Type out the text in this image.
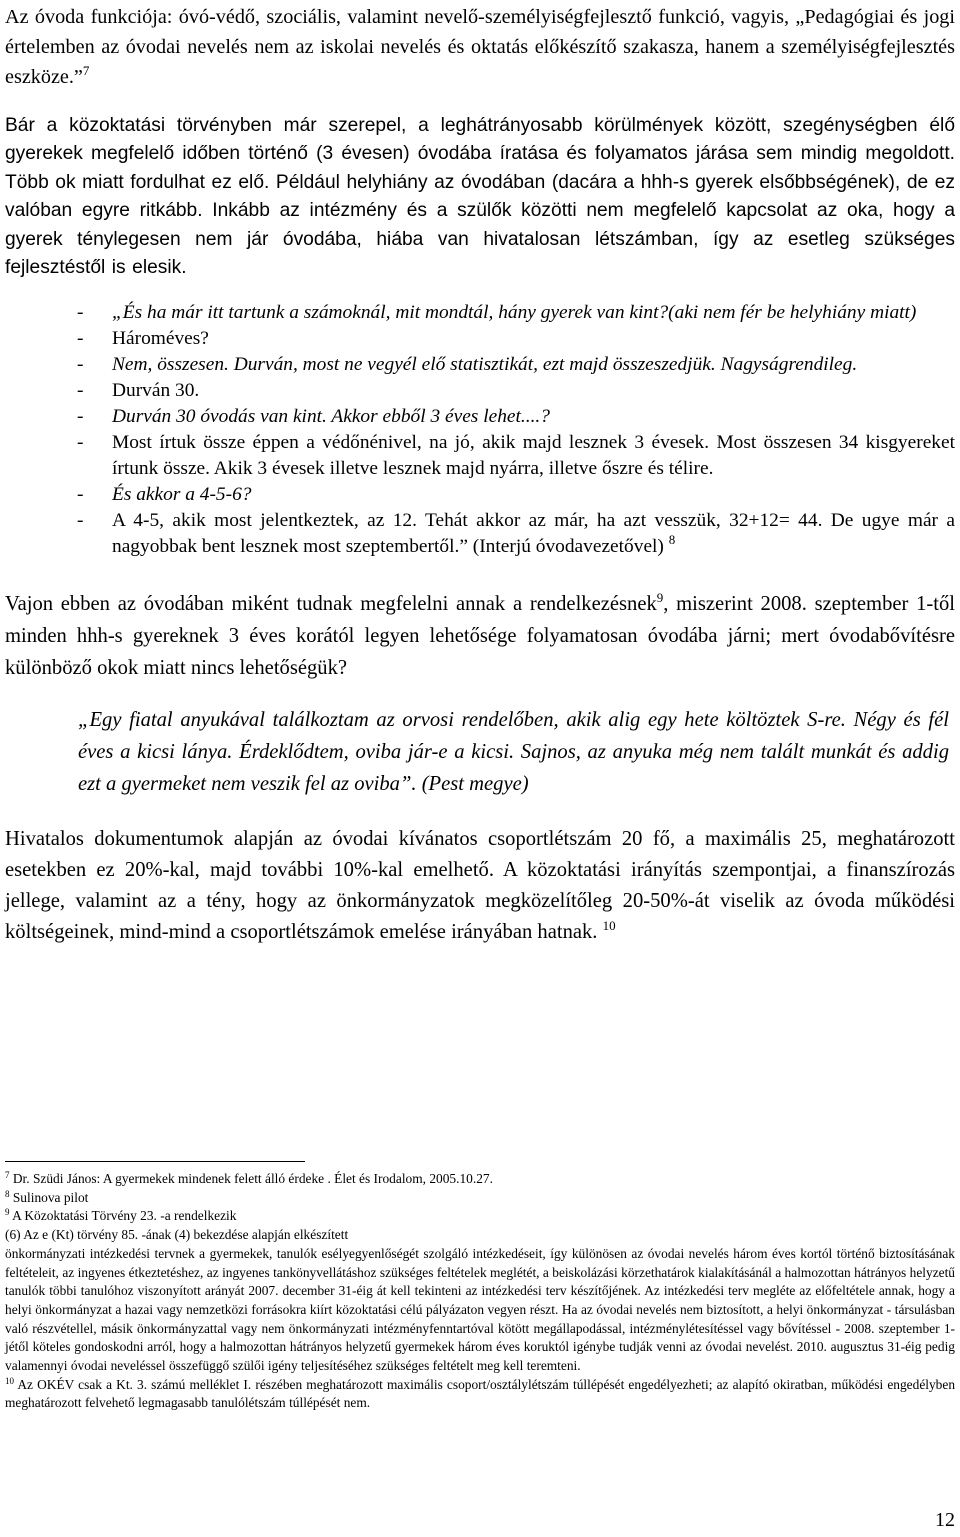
Az óvoda funkciója: óvó-védő, szociális, valamint nevelő-személyiségfejlesztő funkció, vagyis, „Pedagógiai és jogi értelemben az óvodai nevelés nem az iskolai nevelés és oktatás előkészítő szakasza, hanem a személyiségfejlesztés eszköze.”$^7$

Bár a közoktatási törvényben már szerepel, a leghátrányosabb körülmények között, szegénységben élő gyerekek megfelelő időben történő (3 évesen) óvodába íratása és folyamatos járása sem mindig megoldott. Több ok miatt fordulhat ez elő. Például helyhiány az óvodában (dacára a hhh-s gyerek elsőbbségének), de ez valóban egyre ritkább. Inkább az intézmény és a szülők közötti nem megfelelő kapcsolat az oka, hogy a gyerek ténylegesen nem jár óvodába, hiába van hivatalosan létszámban, így az esetleg szükséges fejlesztéstől is elesik.

- „És ha már itt tartunk a számoknál, mit mondtál, hány gyerek van kint?(aki nem fér be helyhiány miatt)
- Hároméves?
- Nem, összesen. Durván, most ne vegyél elő statisztikát, ezt majd összeszedjük. Nagyságrendileg.
- Durván 30.
- Durván 30 óvodás van kint. Akkor ebből 3 éves lehet....?
- Most írtuk össze éppen a védőnénivel, na jó, akik majd lesznek 3 évesek. Most összesen 34 kisgyereket írtunk össze. Akik 3 évesek illetve lesznek majd nyárra, illetve őszre és télire.
- És akkor a 4-5-6?
- A 4-5, akik most jelentkeztek, az 12. Tehát akkor az már, ha azt vesszük, 32+12= 44. De ugye már a nagyobbak bent lesznek most szeptembertől.” (Interjú óvodavezetővel) $^8$

Vajon ebben az óvodában miként tudnak megfelelni annak a rendelkezésnek$^9$, miszerint 2008. szeptember 1-től minden hhh-s gyereknek 3 éves korától legyen lehetősége folyamatosan óvodába járni; mert óvodabővítésre különböző okok miatt nincs lehetőségük?

„Egy fiatal anyukával találkoztam az orvosi rendelőben, akik alig egy hete költöztek S-re. Négy és fél éves a kicsi lánya. Érdeklődtem, oviba jár-e a kicsi. Sajnos, az anyuka még nem talált munkát és addig ezt a gyermeket nem veszik fel az oviba”. (Pest megye)

Hivatalos dokumentumok alapján az óvodai kívánatos csoportlétszám 20 fő, a maximális 25, meghatározott esetekben ez 20%-kal, majd további 10%-kal emelhető. A közoktatási irányítás szempontjai, a finanszírozás jellege, valamint az a tény, hogy az önkormányzatok megközelítőleg 20-50%-át viselik az óvoda működési költségeinek, mind-mind a csoportlétszámok emelése irányában hatnak. $^{10}$

$^7$ Dr. Szüdi János: A gyermekek mindenek felett álló érdeke . Élet és Irodalom, 2005.10.27.

$^8$ Sulinova pilot

$^9$ A Közoktatási Törvény 23. -a rendelkezik

(6) Az e (Kt) törvény 85. -ának (4) bekezdése alapján elkészített

önkormányzati intézkedési tervnek a gyermekek, tanulók esélyegyenlőségét szolgáló intézkedéseit, így különösen az óvodai nevelés három éves kortól történő biztosításának feltételeit, az ingyenes étkeztetéshez, az ingyenes tankönyvellátáshoz szükséges feltételek meglétét, a beiskolázási körzethatárok kialakításánál a halmozottan hátrányos helyzetű tanulók többi tanulóhoz viszonyított arányát 2007. december 31-éig át kell tekinteni az intézkedési terv készítőjének. Az intézkedési terv meglétе az előfeltétele annak, hogy a helyi önkormányzat a hazai vagy nemzetközi forrásokra kiírt közoktatási célú pályázaton vegyen részt. Ha az óvodai nevelés nem biztosított, a helyi önkormányzat - társulásban való részvétellel, másik önkormányzattal vagy nem önkormányzati intézményfenntartóval kötött megállapodással, intézménylétesítéssel vagy bővítéssel - 2008. szeptember 1-jétől köteles gondoskodni arról, hogy a halmozottan hátrányos helyzetű gyermekek három éves koruktól igénybe tudják venni az óvodai nevelést. 2010. augusztus 31-éig pedig valamennyi óvodai neveléssel összefüggő szülői igény teljesítéséhez szükséges feltételt meg kell teremteni.

$^{10}$ Az OKÉV csak a Kt. 3. számú melléklet I. részében meghatározott maximális csoport/osztálylétszám túllépését engedélyezheti; az alapító okiratban, működési engedélyben meghatározott felvehető legmagasabb tanulólétszám túllépését nem.

12
